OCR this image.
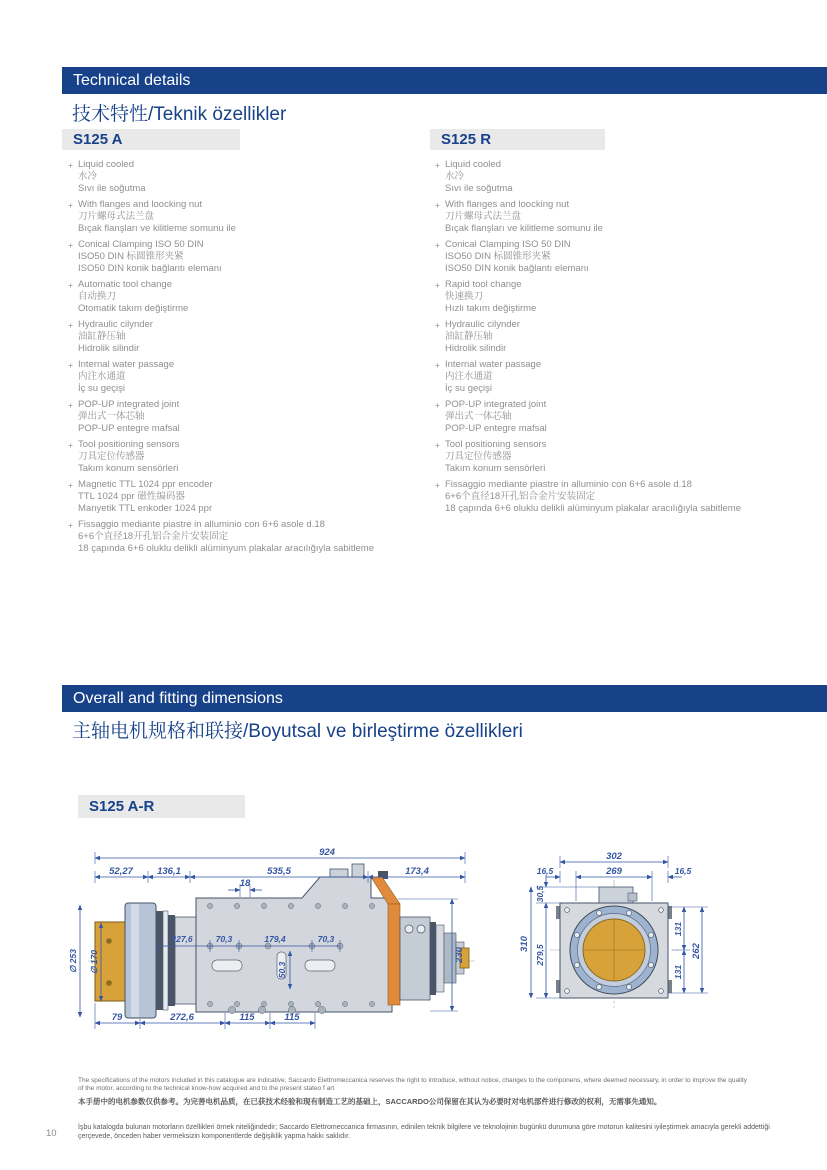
Technical details
技术特性/Teknik özellikler
S125 A	S125 R
+ Liquid cooled
水冷
Sıvı ile soğutma
+ With flanges and loocking nut
刀片螺母式法兰盘
Bıçak flanşları ve kilitleme somunu ile
+ Conical Clamping ISO 50 DIN
ISO50 DIN 标圆锥形夹紧
ISO50 DIN konik bağlantı elemanı
+ Automatic tool change
自动换刀
Otomatik takım değiştirme
+ Hydraulic cilynder
油缸静压轴
Hidrolik silindir
+ Internal water passage
内注水通道
İç su geçişi
+ POP-UP integrated joint
弹出式一体芯轴
POP-UP entegre mafsal
+ Tool positioning sensors
刀具定位传感器
Takım konum sensörleri
+ Magnetic TTL 1024 ppr encoder
TTL 1024 ppr 磁性编码器
Manyetik TTL enkoder 1024 ppr
+ Fissaggio mediante piastre in alluminio con 6+6 asole d.18
6+6个直径18开孔铝合金片安装固定
18 çapında 6+6 oluklu delikli alüminyum plakalar aracılığıyla sabitleme
+ Liquid cooled
水冷
Sıvı ile soğutma
+ With flanges and loocking nut
刀片螺母式法兰盘
Bıçak flanşları ve kilitleme somunu ile
+ Conical Clamping ISO 50 DIN
ISO50 DIN 标圆锥形夹紧
ISO50 DIN konik bağlantı elemanı
+ Rapid tool change
快速换刀
Hızlı takım değiştirme
+ Hydraulic cilynder
油缸静压轴
Hidrolik silindir
+ Internal water passage
内注水通道
İç su geçişi
+ POP-UP integrated joint
弹出式一体芯轴
POP-UP entegre mafsal
+ Tool positioning sensors
刀具定位传感器
Takım konum sensörleri
+ Fissaggio mediante piastre in alluminio con 6+6 asole d.18
6+6个直径18开孔铝合金片安装固定
18 çapında 6+6 oluklu delikli alüminyum plakalar aracılığıyla sabitleme
Overall and fitting dimensions
主轴电机规格和联接/Boyutsal ve birleştirme özellikleri
S125 A-R
924
52,27	136,1	535,5	173,4
18
227,6	70,3	179,4	70,3
50,3
∅ 253 ∅ 170	230
79	272,6	115	115
302
16,5	269	16,5
310
30,5
279,5
131
131
262
The specifications of the motors included in this catalogue are indicative; Saccardo Elettromeccanica reserves the right to introduce, without notice, changes to the componens, where deemed necessary, in order to improve the quality of the motor, according to the technical know-how acquired and to the present stateo f art
本手册中的电机参数仅供参考。为完善电机品质，在已获技术经验和现有制造工艺的基础上，SACCARDO公司保留在其认为必要时对电机部件进行修改的权利，无需事先通知。
İşbu katalogda bulunan motorların özellikleri örnek niteliğindedir; Saccardo Elettromeccanica firmasının, edinilen teknik bilgilere ve teknolojinin bugünkü durumuna göre motorun kalitesini iyileştirmek amacıyla gerekli addettiği çerçevede, önceden haber vermeksizin komponentlerde değişiklik yapma hakkı saklıdır.
10
